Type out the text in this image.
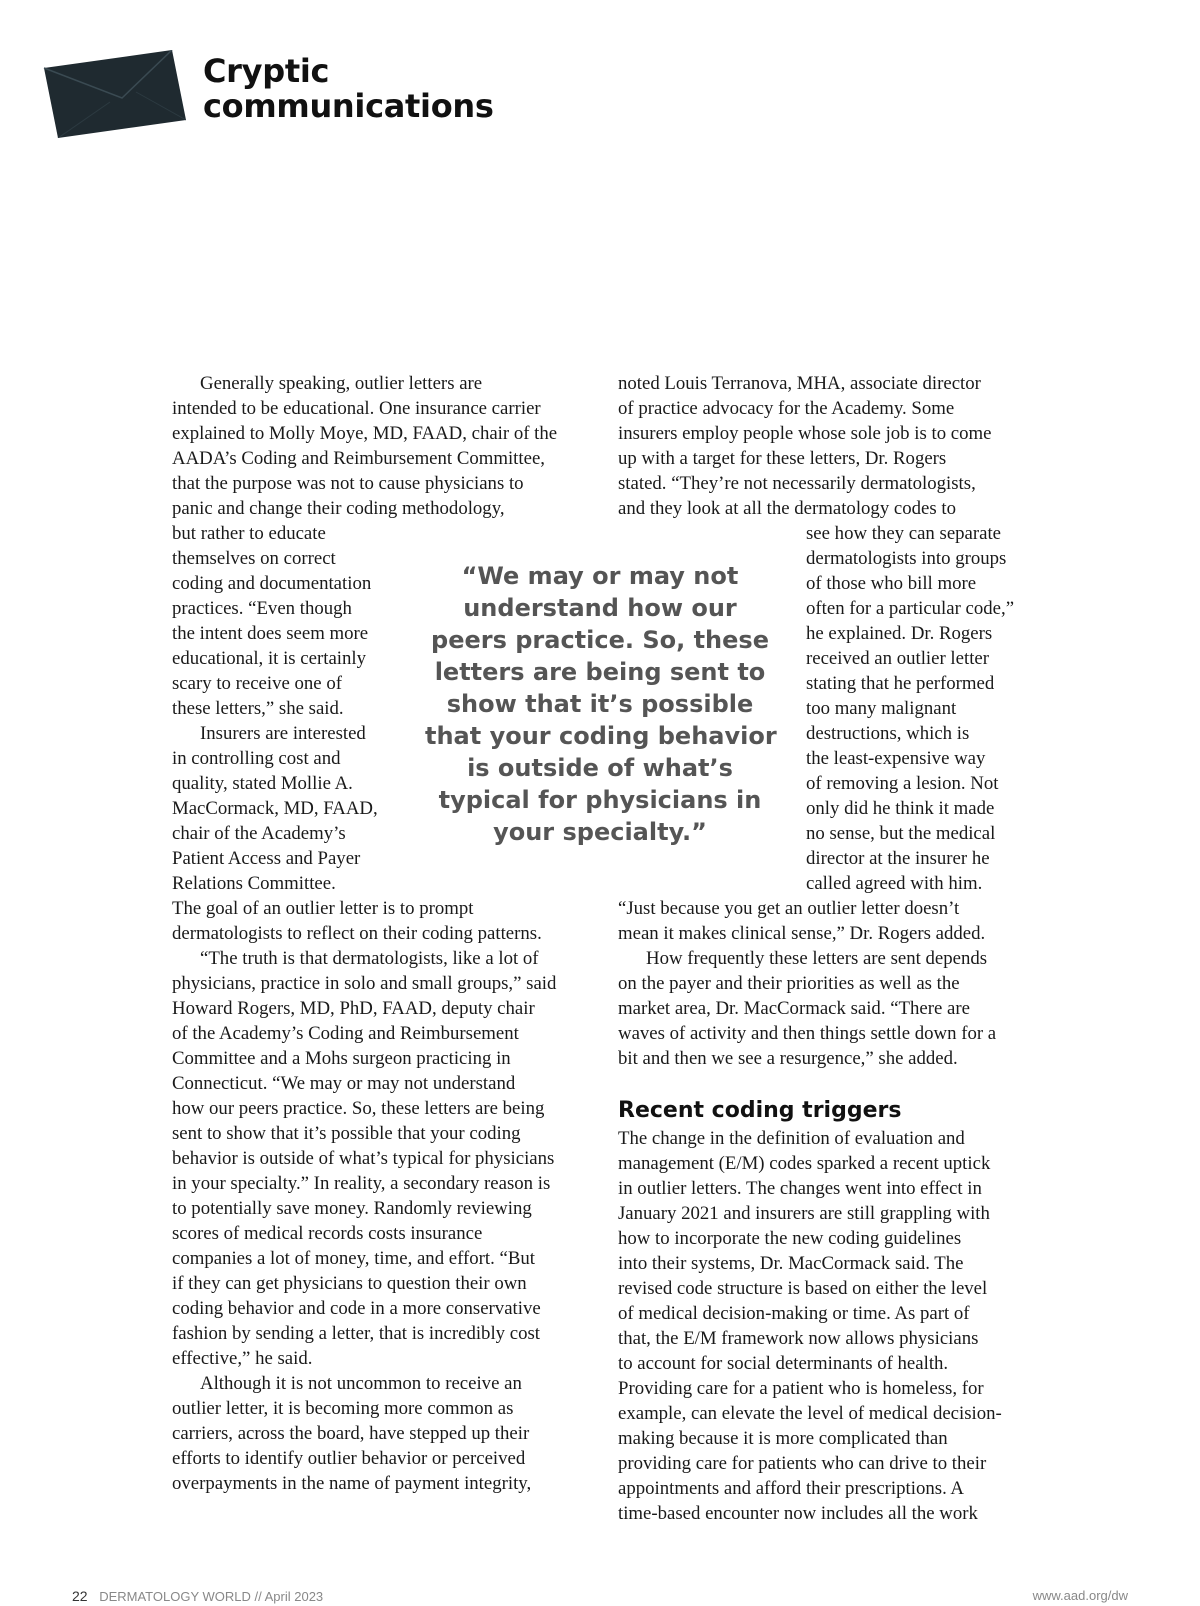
Cryptic
communications
Generally speaking, outlier letters are
intended to be educational. One insurance carrier
explained to Molly Moye, MD, FAAD, chair of the
AADA’s Coding and Reimbursement Committee,
that the purpose was not to cause physicians to
panic and change their coding methodology,
but rather to educate
themselves on correct
coding and documentation
practices. “Even though
the intent does seem more
educational, it is certainly
scary to receive one of
these letters,” she said.
Insurers are interested
in controlling cost and
quality, stated Mollie A.
MacCormack, MD, FAAD,
chair of the Academy’s
Patient Access and Payer
Relations Committee.
The goal of an outlier letter is to prompt
dermatologists to reflect on their coding patterns.
“The truth is that dermatologists, like a lot of
physicians, practice in solo and small groups,” said
Howard Rogers, MD, PhD, FAAD, deputy chair
of the Academy’s Coding and Reimbursement
Committee and a Mohs surgeon practicing in
Connecticut. “We may or may not understand
how our peers practice. So, these letters are being
sent to show that it’s possible that your coding
behavior is outside of what’s typical for physicians
in your specialty.” In reality, a secondary reason is
to potentially save money. Randomly reviewing
scores of medical records costs insurance
companies a lot of money, time, and effort. “But
if they can get physicians to question their own
coding behavior and code in a more conservative
fashion by sending a letter, that is incredibly cost
effective,” he said.
Although it is not uncommon to receive an
outlier letter, it is becoming more common as
carriers, across the board, have stepped up their
efforts to identify outlier behavior or perceived
overpayments in the name of payment integrity,
“We may or may not
understand how our
peers practice. So, these
letters are being sent to
show that it’s possible
that your coding behavior
is outside of what’s
typical for physicians in
your specialty.”
noted Louis Terranova, MHA, associate director
of practice advocacy for the Academy. Some
insurers employ people whose sole job is to come
up with a target for these letters, Dr. Rogers
stated. “They’re not necessarily dermatologists,
and they look at all the dermatology codes to
see how they can separate
dermatologists into groups
of those who bill more
often for a particular code,”
he explained. Dr. Rogers
received an outlier letter
stating that he performed
too many malignant
destructions, which is
the least-expensive way
of removing a lesion. Not
only did he think it made
no sense, but the medical
director at the insurer he
called agreed with him.
“Just because you get an outlier letter doesn’t
mean it makes clinical sense,” Dr. Rogers added.
How frequently these letters are sent depends
on the payer and their priorities as well as the
market area, Dr. MacCormack said. “There are
waves of activity and then things settle down for a
bit and then we see a resurgence,” she added.
Recent coding triggers
The change in the definition of evaluation and
management (E/M) codes sparked a recent uptick
in outlier letters. The changes went into effect in
January 2021 and insurers are still grappling with
how to incorporate the new coding guidelines
into their systems, Dr. MacCormack said. The
revised code structure is based on either the level
of medical decision-making or time. As part of
that, the E/M framework now allows physicians
to account for social determinants of health.
Providing care for a patient who is homeless, for
example, can elevate the level of medical decision-
making because it is more complicated than
providing care for patients who can drive to their
appointments and afford their prescriptions. A
time-based encounter now includes all the work
22 DERMATOLOGY WORLD // April 2023	www.aad.org/dw
